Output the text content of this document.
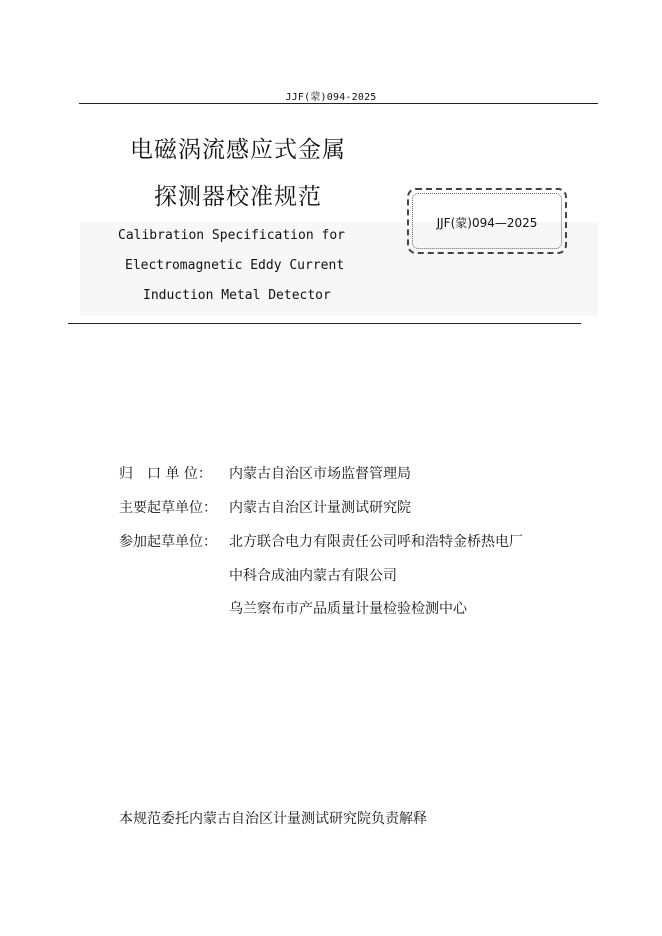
JJF(蒙)094-2025
电磁涡流感应式金属
探测器校准规范
Calibration Specification for
Electromagnetic Eddy Current
Induction Metal Detector
JJF(蒙)094—2025
归　口 单 位： 内蒙古自治区市场监督管理局
主要起草单位： 内蒙古自治区计量测试研究院
参加起草单位： 北方联合电力有限责任公司呼和浩特金桥热电厂
中科合成油内蒙古有限公司
乌兰察布市产品质量计量检验检测中心
本规范委托内蒙古自治区计量测试研究院负责解释
